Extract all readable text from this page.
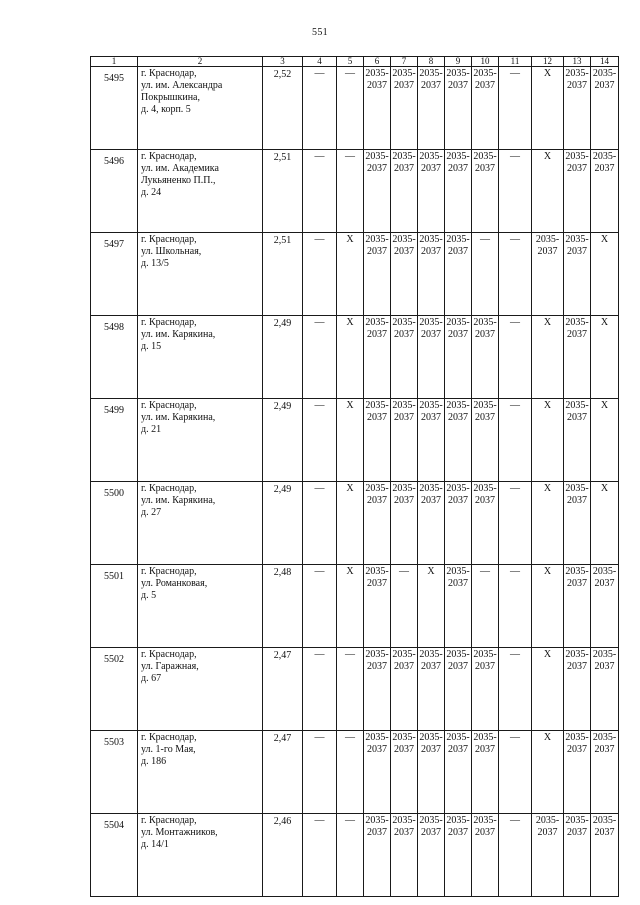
551
1	2	3	4	5	6	7	8	9	10	11	12	13	14
5495	г. Краснодар,
ул. им. Александра
Покрышкина,
д. 4, корп. 5	2,52	—	—	2035-2037	2035-2037	2035-2037	2035-2037	2035-2037	—	X	2035-2037	2035-2037
5496	г. Краснодар,
ул. им. Академика
Лукьяненко П.П.,
д. 24	2,51	—	—	2035-2037	2035-2037	2035-2037	2035-2037	2035-2037	—	X	2035-2037	2035-2037
5497	г. Краснодар,
ул. Школьная,
д. 13/5	2,51	—	X	2035-2037	2035-2037	2035-2037	2035-2037	—	—	2035-2037	2035-2037	X
5498	г. Краснодар,
ул. им. Карякина,
д. 15	2,49	—	X	2035-2037	2035-2037	2035-2037	2035-2037	2035-2037	—	X	2035-2037	X
5499	г. Краснодар,
ул. им. Карякина,
д. 21	2,49	—	X	2035-2037	2035-2037	2035-2037	2035-2037	2035-2037	—	X	2035-2037	X
5500	г. Краснодар,
ул. им. Карякина,
д. 27	2,49	—	X	2035-2037	2035-2037	2035-2037	2035-2037	2035-2037	—	X	2035-2037	X
5501	г. Краснодар,
ул. Романковая,
д. 5	2,48	—	X	2035-2037	—	X	2035-2037	—	—	X	2035-2037	2035-2037
5502	г. Краснодар,
ул. Гаражная,
д. 67	2,47	—	—	2035-2037	2035-2037	2035-2037	2035-2037	2035-2037	—	X	2035-2037	2035-2037
5503	г. Краснодар,
ул. 1-го Мая,
д. 186	2,47	—	—	2035-2037	2035-2037	2035-2037	2035-2037	2035-2037	—	X	2035-2037	2035-2037
5504	г. Краснодар,
ул. Монтажников,
д. 14/1	2,46	—	—	2035-2037	2035-2037	2035-2037	2035-2037	2035-2037	—	2035-2037	2035-2037	2035-2037
